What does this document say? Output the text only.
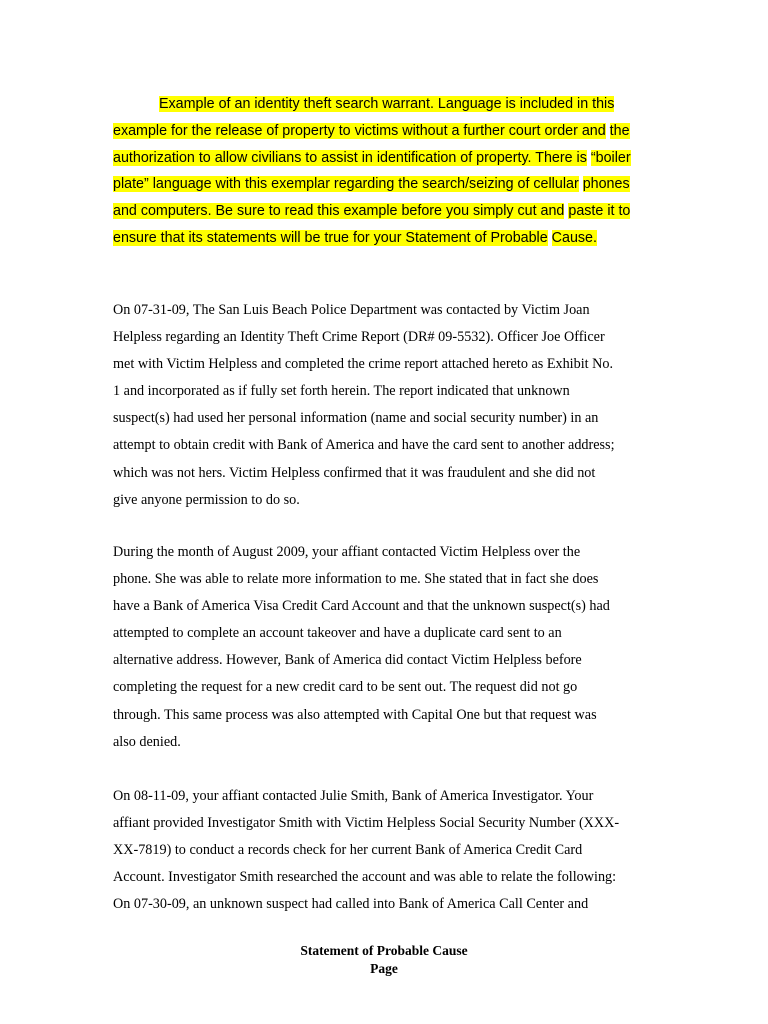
Example of an identity theft search warrant. Language is included in this example for the release of property to victims without a further court order and the authorization to allow civilians to assist in identification of property. There is “boiler plate” language with this exemplar regarding the search/seizing of cellular phones and computers. Be sure to read this example before you simply cut and paste it to ensure that its statements will be true for your Statement of Probable Cause.

On 07-31-09, The San Luis Beach Police Department was contacted by Victim Joan
Helpless regarding an Identity Theft Crime Report (DR# 09-5532). Officer Joe Officer
met with Victim Helpless and completed the crime report attached hereto as Exhibit No.
1 and incorporated as if fully set forth herein. The report indicated that unknown
suspect(s) had used her personal information (name and social security number) in an
attempt to obtain credit with Bank of America and have the card sent to another address;
which was not hers. Victim Helpless confirmed that it was fraudulent and she did not
give anyone permission to do so.

During the month of August 2009, your affiant contacted Victim Helpless over the
phone. She was able to relate more information to me. She stated that in fact she does
have a Bank of America Visa Credit Card Account and that the unknown suspect(s) had
attempted to complete an account takeover and have a duplicate card sent to an
alternative address. However, Bank of America did contact Victim Helpless before
completing the request for a new credit card to be sent out. The request did not go
through. This same process was also attempted with Capital One but that request was
also denied.

On 08-11-09, your affiant contacted Julie Smith, Bank of America Investigator. Your
affiant provided Investigator Smith with Victim Helpless Social Security Number (XXX-
XX-7819) to conduct a records check for her current Bank of America Credit Card
Account. Investigator Smith researched the account and was able to relate the following:
On 07-30-09, an unknown suspect had called into Bank of America Call Center and

Statement of Probable Cause
Page
